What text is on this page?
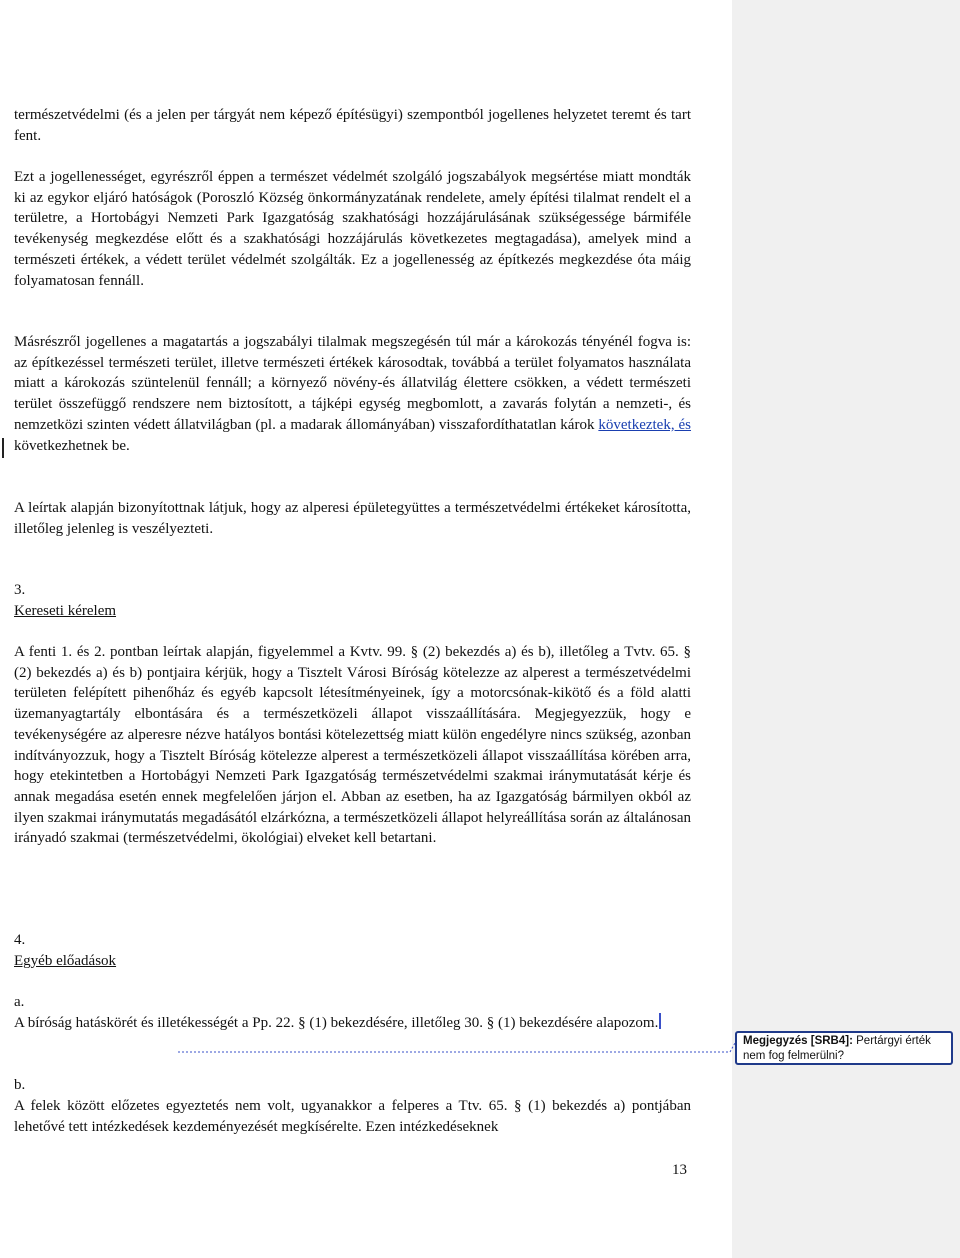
természetvédelmi (és a jelen per tárgyát nem képező építésügyi) szempontból jogellenes helyzetet teremt és tart fent.

Ezt a jogellenességet, egyrészről éppen a természet védelmét szolgáló jogszabályok megsértése miatt mondták ki az egykor eljáró hatóságok (Poroszló Község önkormányzatának rendelete, amely építési tilalmat rendelt el a területre, a Hortobágyi Nemzeti Park Igazgatóság szakhatósági hozzájárulásának szükségessége bármiféle tevékenység megkezdése előtt és a szakhatósági hozzájárulás következetes megtagadása), amelyek mind a természeti értékek, a védett terület védelmét szolgálták. Ez a jogellenesség az építkezés megkezdése óta máig folyamatosan fennáll.

Másrészről jogellenes a magatartás a jogszabályi tilalmak megszegésén túl már a károkozás tényénél fogva is: az építkezéssel természeti terület, illetve természeti értékek károsodtak, továbbá a terület folyamatos használata miatt a károkozás szüntelenül fennáll; a környező növény-és állatvilág élettere csökken, a védett természeti terület összefüggő rendszere nem biztosított, a tájképi egység megbomlott, a zavarás folytán a nemzeti-, és nemzetközi szinten védett állatvilágban (pl. a madarak állományában) visszafordíthatatlan károk következtek, és következhetnek be.

A leírtak alapján bizonyítottnak látjuk, hogy az alperesi épületegyüttes a természetvédelmi értékeket károsította, illetőleg jelenleg is veszélyezteti.

3.

Kereseti kérelem

A fenti 1. és 2. pontban leírtak alapján, figyelemmel a Kvtv. 99. § (2) bekezdés a) és b), illetőleg a Tvtv. 65. § (2) bekezdés a) és b) pontjaira kérjük, hogy a Tisztelt Városi Bíróság kötelezze az alperest a természetvédelmi területen felépített pihenőház és egyéb kapcsolt létesítményeinek, így a motorcsónak-kikötő és a föld alatti üzemanyagtartály elbontására és a természetközeli állapot visszaállítására. Megjegyezzük, hogy e tevékenységére az alperesre nézve hatályos bontási kötelezettség miatt külön engedélyre nincs szükség, azonban indítványozzuk, hogy a Tisztelt Bíróság kötelezze alperest a természetközeli állapot visszaállítása körében arra, hogy etekintetben a Hortobágyi Nemzeti Park Igazgatóság természetvédelmi szakmai iránymutatását kérje és annak megadása esetén ennek megfelelően járjon el. Abban az esetben, ha az Igazgatóság bármilyen okból az ilyen szakmai iránymutatás megadásától elzárkózna, a természetközeli állapot helyreállítása során az általánosan irányadó szakmai (természetvédelmi, ökológiai) elveket kell betartani.

4.

Egyéb előadások

a.

A bíróság hatáskörét és illetékességét a Pp. 22. § (1) bekezdésére, illetőleg 30. § (1) bekezdésére alapozom.

b.

A felek között előzetes egyeztetés nem volt, ugyanakkor a felperes a Ttv. 65. § (1) bekezdés a) pontjában lehetővé tett intézkedések kezdeményezését megkísérelte. Ezen intézkedéseknek

13
Megjegyzés [SRB4]: Pertárgyi érték nem fog felmerülni?
